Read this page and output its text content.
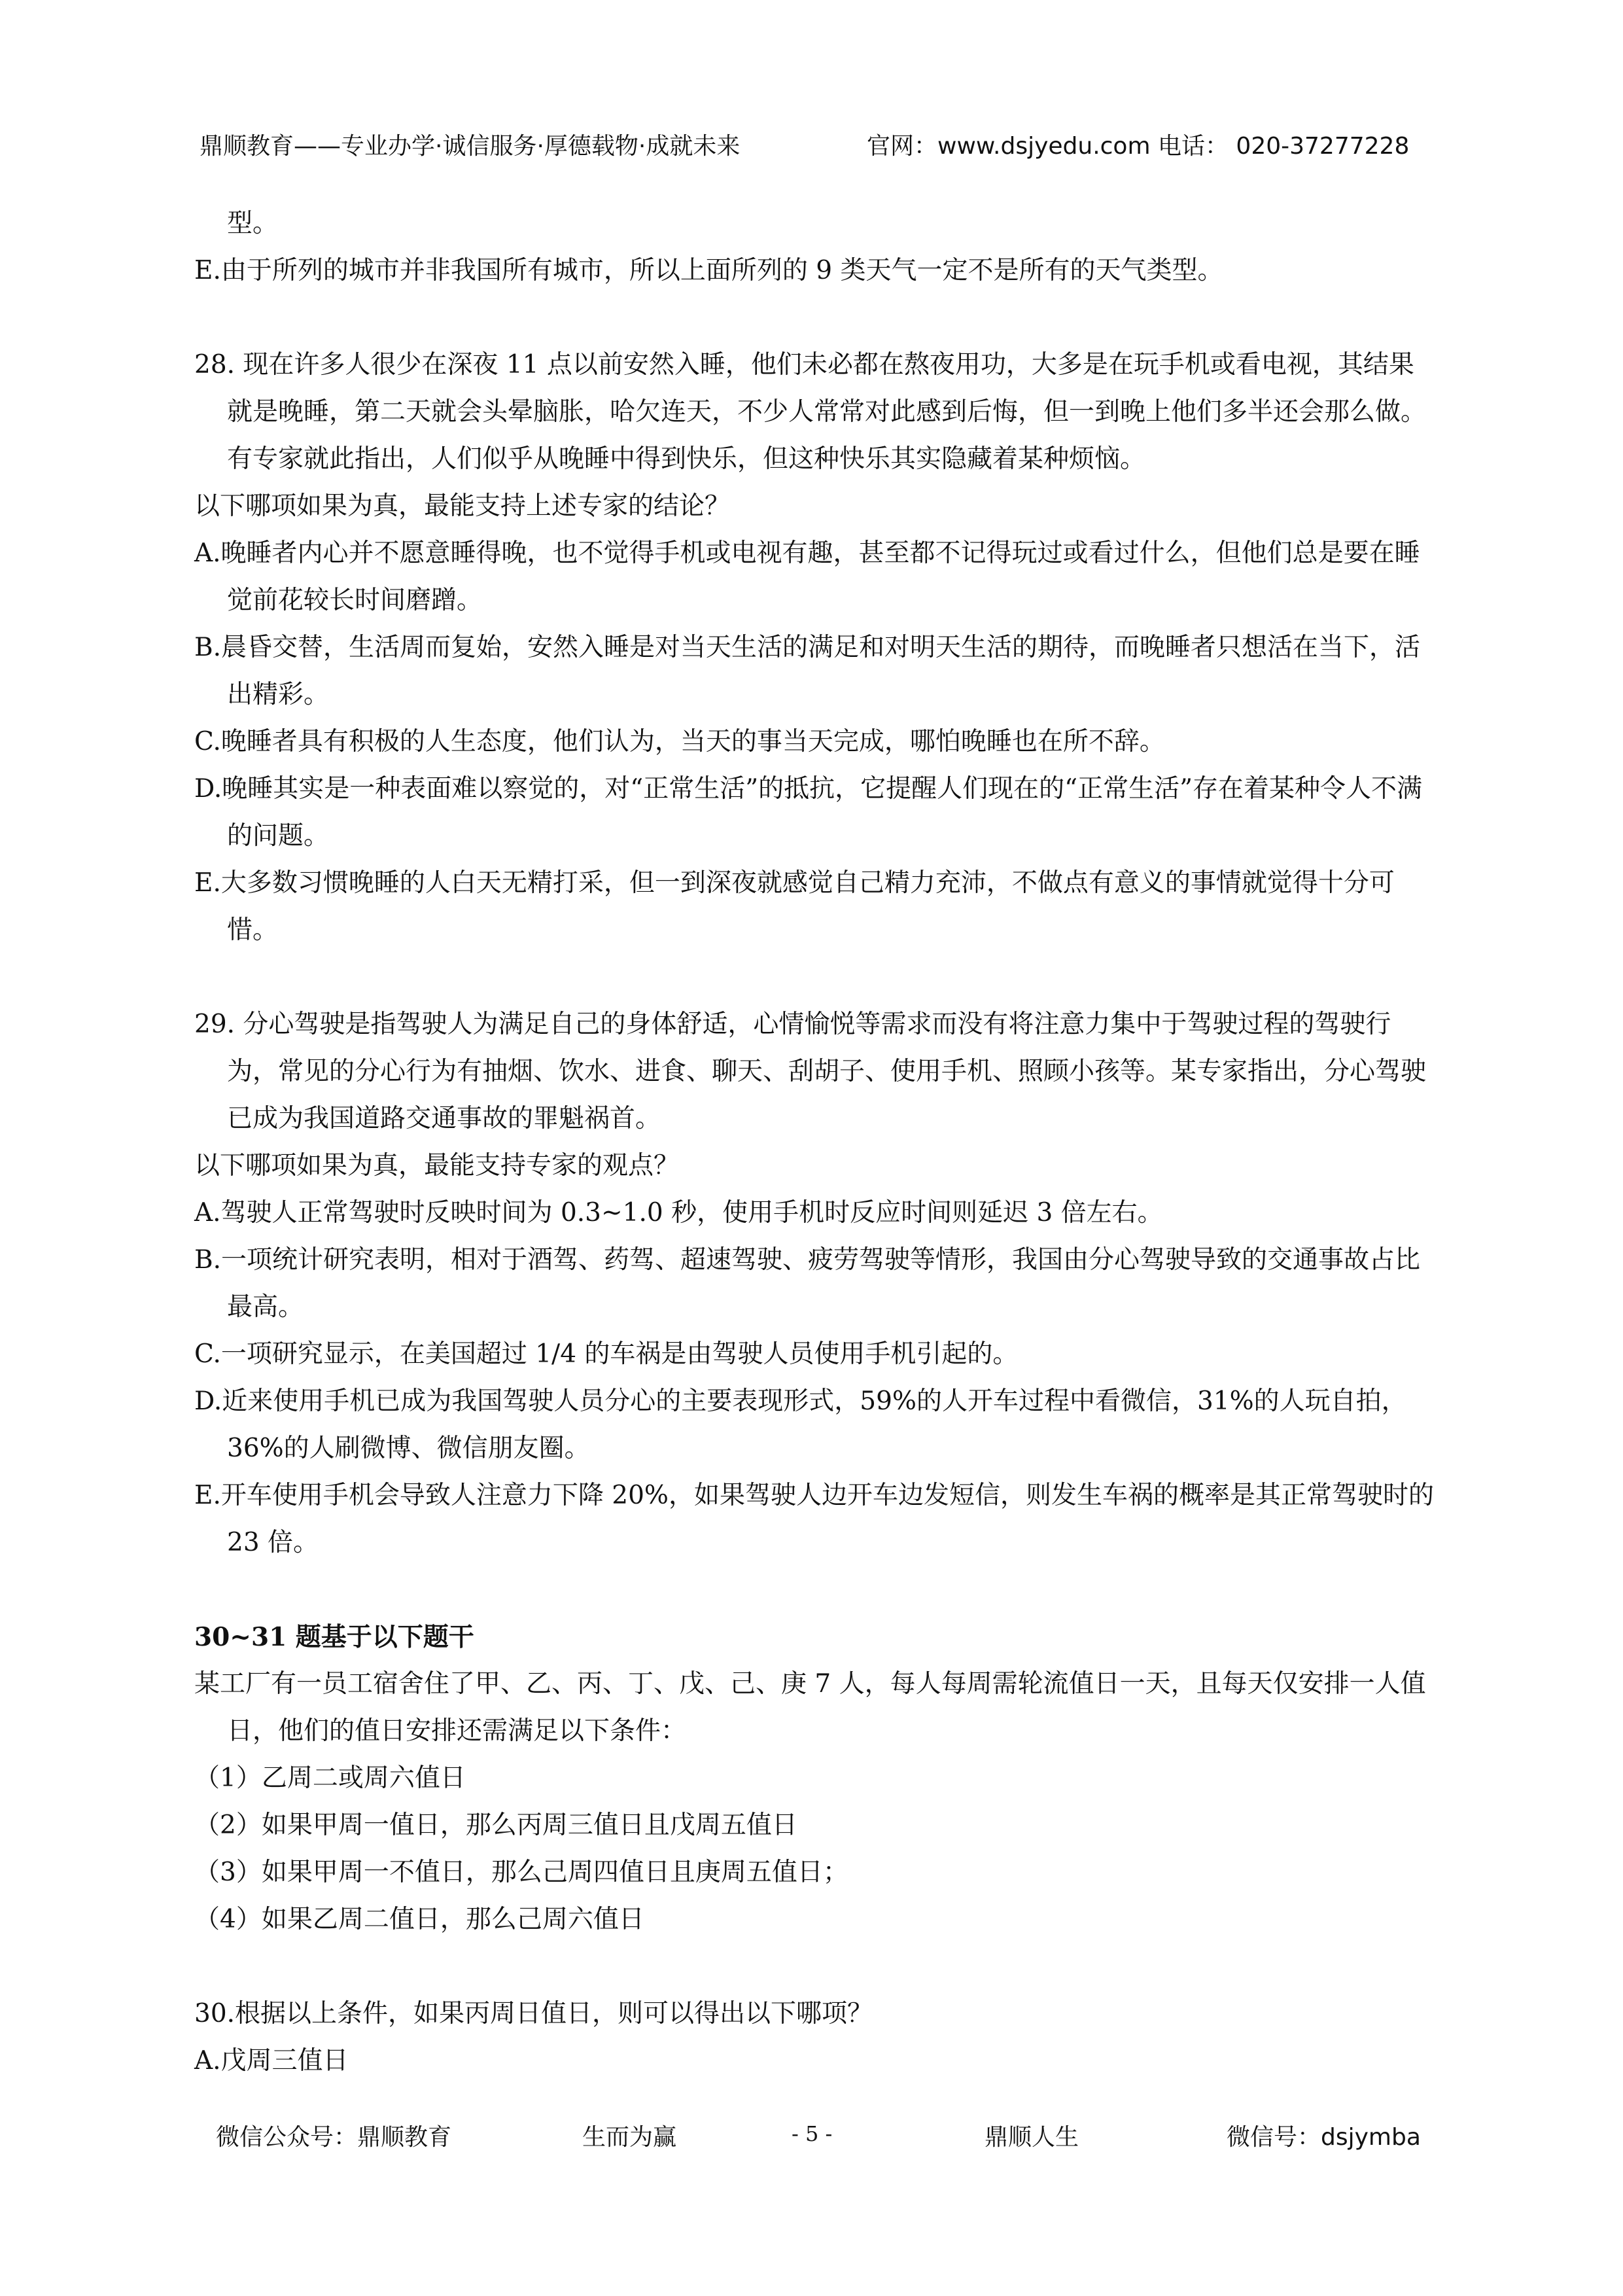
鼎顺教育——专业办学·诚信服务·厚德载物·成就未来	官网：www.dsjyedu.com 电话： 020-37277228

型。

E.由于所列的城市并非我国所有城市，所以上面所列的 9 类天气一定不是所有的天气类型。

28. 现在许多人很少在深夜 11 点以前安然入睡，他们未必都在熬夜用功，大多是在玩手机或看电视，其结果就是晚睡，第二天就会头晕脑胀，哈欠连天，不少人常常对此感到后悔，但一到晚上他们多半还会那么做。有专家就此指出，人们似乎从晚睡中得到快乐，但这种快乐其实隐藏着某种烦恼。

以下哪项如果为真，最能支持上述专家的结论？

A.晚睡者内心并不愿意睡得晚，也不觉得手机或电视有趣，甚至都不记得玩过或看过什么，但他们总是要在睡觉前花较长时间磨蹭。

B.晨昏交替，生活周而复始，安然入睡是对当天生活的满足和对明天生活的期待，而晚睡者只想活在当下，活出精彩。

C.晚睡者具有积极的人生态度，他们认为，当天的事当天完成，哪怕晚睡也在所不辞。

D.晚睡其实是一种表面难以察觉的，对“正常生活”的抵抗，它提醒人们现在的“正常生活”存在着某种令人不满的问题。

E.大多数习惯晚睡的人白天无精打采，但一到深夜就感觉自己精力充沛，不做点有意义的事情就觉得十分可惜。

29. 分心驾驶是指驾驶人为满足自己的身体舒适，心情愉悦等需求而没有将注意力集中于驾驶过程的驾驶行为，常见的分心行为有抽烟、饮水、进食、聊天、刮胡子、使用手机、照顾小孩等。某专家指出，分心驾驶已成为我国道路交通事故的罪魁祸首。

以下哪项如果为真，最能支持专家的观点？

A.驾驶人正常驾驶时反映时间为 0.3~1.0 秒，使用手机时反应时间则延迟 3 倍左右。

B.一项统计研究表明，相对于酒驾、药驾、超速驾驶、疲劳驾驶等情形，我国由分心驾驶导致的交通事故占比最高。

C.一项研究显示，在美国超过 1/4 的车祸是由驾驶人员使用手机引起的。

D.近来使用手机已成为我国驾驶人员分心的主要表现形式，59%的人开车过程中看微信，31%的人玩自拍，36%的人刷微博、微信朋友圈。

E.开车使用手机会导致人注意力下降 20%，如果驾驶人边开车边发短信，则发生车祸的概率是其正常驾驶时的 23 倍。

30~31 题基于以下题干

某工厂有一员工宿舍住了甲、乙、丙、丁、戊、己、庚 7 人，每人每周需轮流值日一天，且每天仅安排一人值日，他们的值日安排还需满足以下条件：

（1）乙周二或周六值日

（2）如果甲周一值日，那么丙周三值日且戊周五值日

（3）如果甲周一不值日，那么己周四值日且庚周五值日；

（4）如果乙周二值日，那么己周六值日

30.根据以上条件，如果丙周日值日，则可以得出以下哪项？

A.戊周三值日

微信公众号：鼎顺教育	生而为赢	- 5 -	鼎顺人生	微信号：dsjymba
